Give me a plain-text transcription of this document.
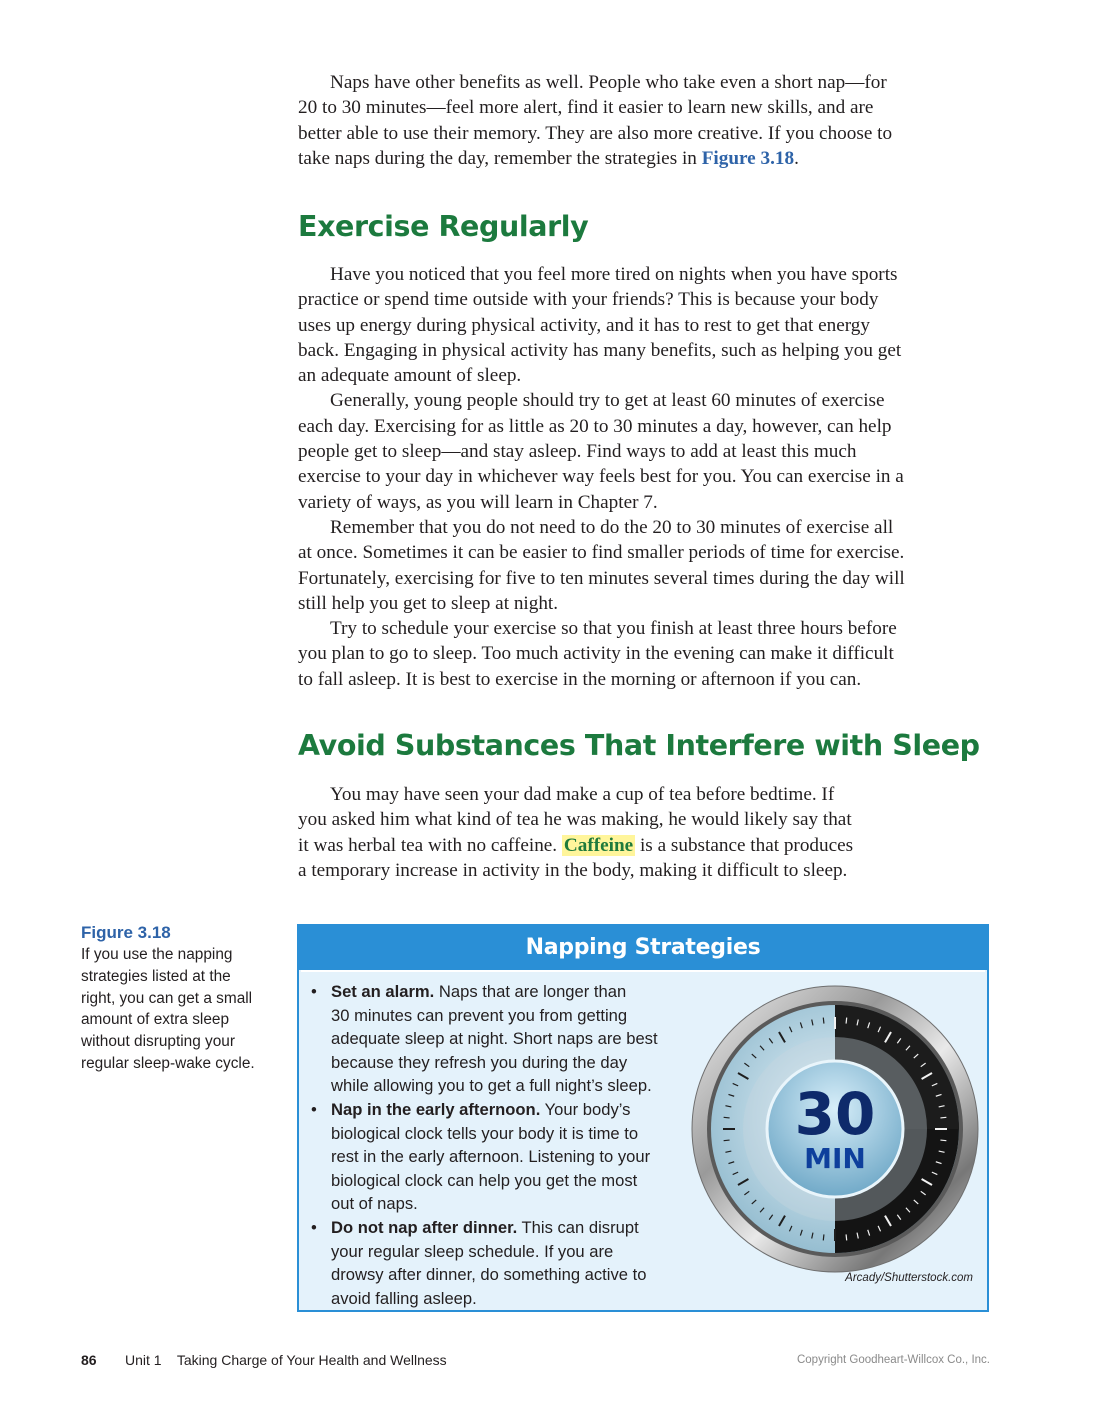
Naps have other benefits as well. People who take even a short nap—for
20 to 30 minutes—feel more alert, find it easier to learn new skills, and are
better able to use their memory. They are also more creative. If you choose to
take naps during the day, remember the strategies in Figure 3.18.

Exercise Regularly

Have you noticed that you feel more tired on nights when you have sports
practice or spend time outside with your friends? This is because your body
uses up energy during physical activity, and it has to rest to get that energy
back. Engaging in physical activity has many benefits, such as helping you get
an adequate amount of sleep.

Generally, young people should try to get at least 60 minutes of exercise
each day. Exercising for as little as 20 to 30 minutes a day, however, can help
people get to sleep—and stay asleep. Find ways to add at least this much
exercise to your day in whichever way feels best for you. You can exercise in a
variety of ways, as you will learn in Chapter 7.

Remember that you do not need to do the 20 to 30 minutes of exercise all
at once. Sometimes it can be easier to find smaller periods of time for exercise.
Fortunately, exercising for five to ten minutes several times during the day will
still help you get to sleep at night.

Try to schedule your exercise so that you finish at least three hours before
you plan to go to sleep. Too much activity in the evening can make it difficult
to fall asleep. It is best to exercise in the morning or afternoon if you can.

Avoid Substances That Interfere with Sleep

You may have seen your dad make a cup of tea before bedtime. If
you asked him what kind of tea he was making, he would likely say that
it was herbal tea with no caffeine. Caffeine is a substance that produces
a temporary increase in activity in the body, making it difficult to sleep.

Figure 3.18
If you use the napping
strategies listed at the
right, you can get a small
amount of extra sleep
without disrupting your
regular sleep-wake cycle.
Napping Strategies
• Set an alarm. Naps that are longer than
30 minutes can prevent you from getting
adequate sleep at night. Short naps are best
because they refresh you during the day
while allowing you to get a full night’s sleep.
• Nap in the early afternoon. Your body’s
biological clock tells your body it is time to
rest in the early afternoon. Listening to your
biological clock can help you get the most
out of naps.
• Do not nap after dinner. This can disrupt
your regular sleep schedule. If you are
drowsy after dinner, do something active to
avoid falling asleep.
30
MIN
Arcady/Shutterstock.com
86 Unit 1    Taking Charge of Your Health and Wellness	Copyright Goodheart-Willcox Co., Inc.
